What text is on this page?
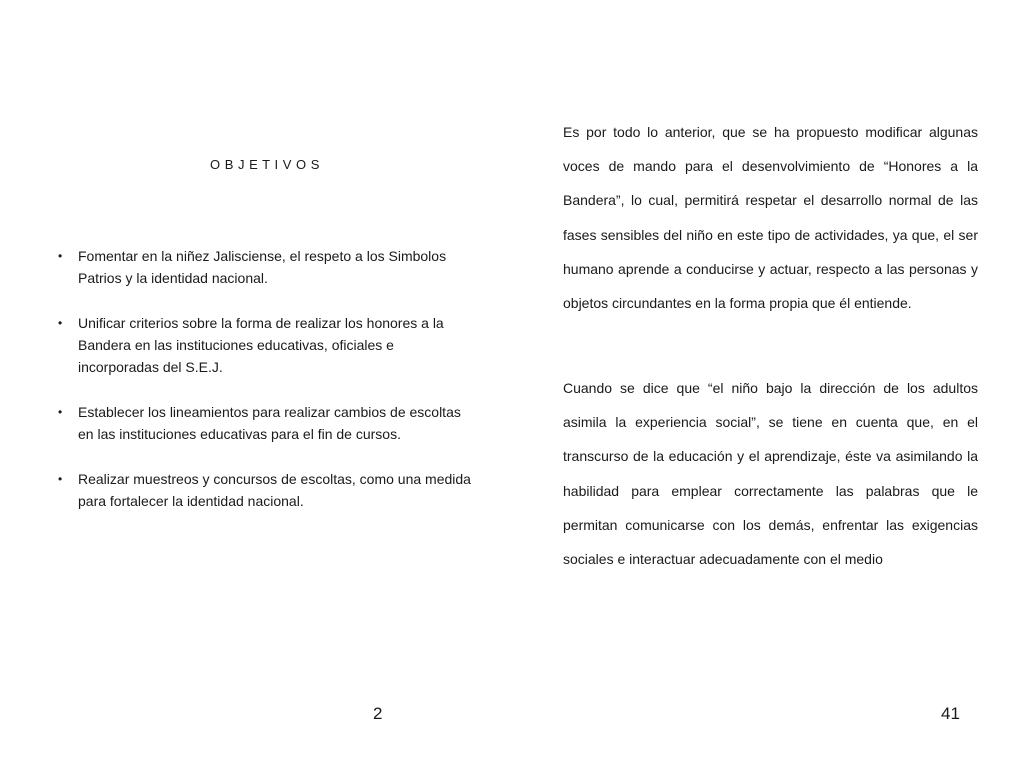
O B J E T I V O S
• Fomentar en la niñez Jalisciense, el respeto a los Simbolos Patrios y la identidad nacional.
• Unificar criterios sobre la forma de realizar los honores a la Bandera en las instituciones educativas, oficiales e incorporadas del S.E.J.
• Establecer los lineamientos para realizar cambios de escoltas en las instituciones educativas para el fin de cursos.
• Realizar muestreos y concursos de escoltas, como una medida para fortalecer la identidad nacional.
2

Es por todo lo anterior, que se ha propuesto modificar algunas voces de mando para el desenvolvimiento de “Honores a la Bandera”, lo cual, permitirá respetar el desarrollo normal de las fases sensibles del niño en este tipo de actividades, ya que, el ser humano aprende a conducirse y actuar, respecto a las personas y objetos circundantes en la forma propia que él entiende.

Cuando se dice que “el niño bajo la dirección de los adultos asimila la experiencia social”, se tiene en cuenta que, en el transcurso de la educación y el aprendizaje, éste va asimilando la habilidad para emplear correctamente las palabras que le permitan comunicarse con los demás, enfrentar las exigencias sociales e interactuar adecuadamente con el medio

41
